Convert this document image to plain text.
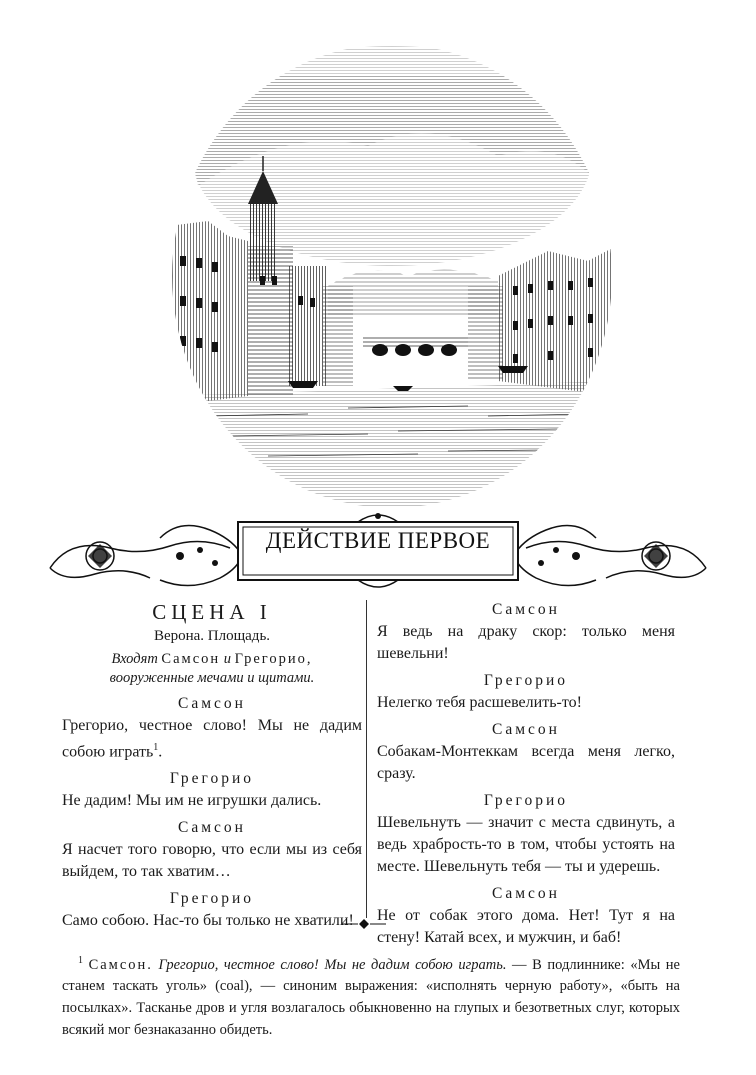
ДЕЙСТВИЕ ПЕРВОЕ

СЦЕНА I

Верона. Площадь.

Входят Самсон и Грегорио,
вооруженные мечами и щитами.

Самсон

Грегорио, честное слово! Мы не дадим собою играть$^1$.

Грегорио

Не дадим! Мы им не игрушки дались.

Самсон

Я насчет того говорю, что если мы из себя выйдем, то так хватим…

Грегорио

Само собою. Нас-то бы только не хватили!

Самсон

Я ведь на драку скор: только меня шевельни!

Грегорио

Нелегко тебя расшевелить-то!

Самсон

Собакам-Монтеккам всегда меня легко, сразу.

Грегорио

Шевельнуть — значит с места сдвинуть, а ведь храбрость-то в том, чтобы устоять на месте. Шевельнуть тебя — ты и удерешь.

Самсон

Не от собак этого дома. Нет! Тут я на стену! Катай всех, и мужчин, и баб!

$^1$ Самсон. Грегорио, честное слово! Мы не дадим собою играть. — В подлиннике: «Мы не станем таскать уголь» (coal), — синоним выражения: «исполнять черную работу», «быть на посылках». Тасканье дров и угля возлагалось обыкновенно на глупых и безответных слуг, которых всякий мог безнаказанно обидеть.
